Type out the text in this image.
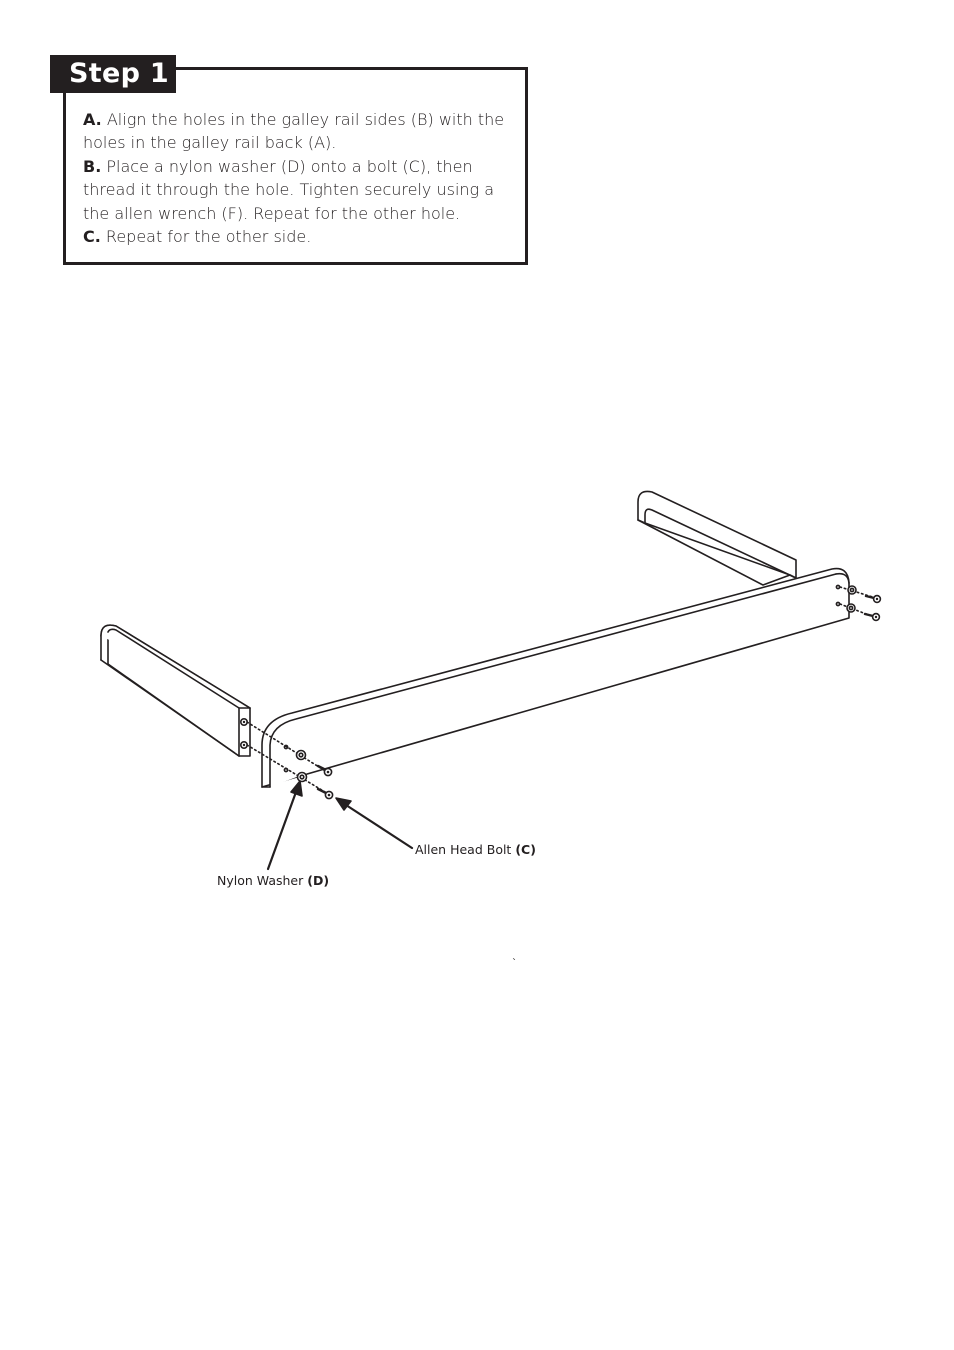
Step 1

A. Align the holes in the galley rail sides (B) with the holes in the galley rail back (A).

B. Place a nylon washer (D) onto a bolt (C), then thread it through the hole. Tighten securely using a the allen wrench (F). Repeat for the other hole.

C. Repeat for the other side.

Allen Head Bolt (C)
Nylon Washer (D)
`
